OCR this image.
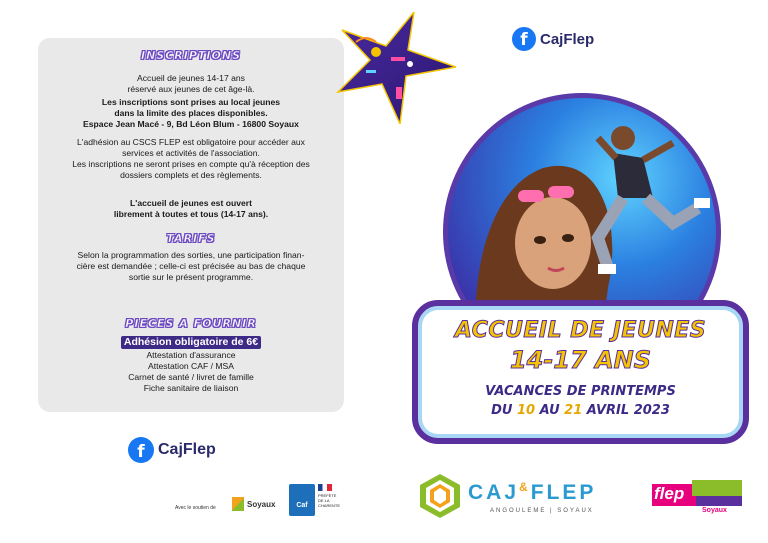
INSCRIPTIONS
Accueil de jeunes 14-17 ans
réservé aux jeunes de cet âge-là.
Les inscriptions sont prises au local jeunes
dans la limite des places disponibles.
Espace Jean Macé - 9, Bd Léon Blum - 16800 Soyaux
L'adhésion au CSCS FLEP est obligatoire pour accéder aux
services et activités de l'association.
Les inscriptions ne seront prises en compte qu'à réception des
dossiers complets et des règlements.
L'accueil de jeunes est ouvert
librement à toutes et tous (14-17 ans).
TARIFS
Selon la programmation des sorties, une participation finan-
cière est demandée ; celle-ci est précisée au bas de chaque
sortie sur le présent programme.
PIECES A FOURNIR
Adhésion obligatoire de 6€
Attestation d'assurance
Attestation CAF / MSA
Carnet de santé / livret de famille
Fiche sanitaire de liaison
f CajFlep
ACCUEIL DE JEUNES
14-17 ANS
VACANCES DE PRINTEMPS
DU 10 AU 21 AVRIL 2023
f CajFlep
Avec le soutien de	Soyaux	Caf
PRÉFÈTE
DE LA
CHARENTE
CAJ&FLEP
ANGOULEME | SOYAUX
flep
Soyaux
